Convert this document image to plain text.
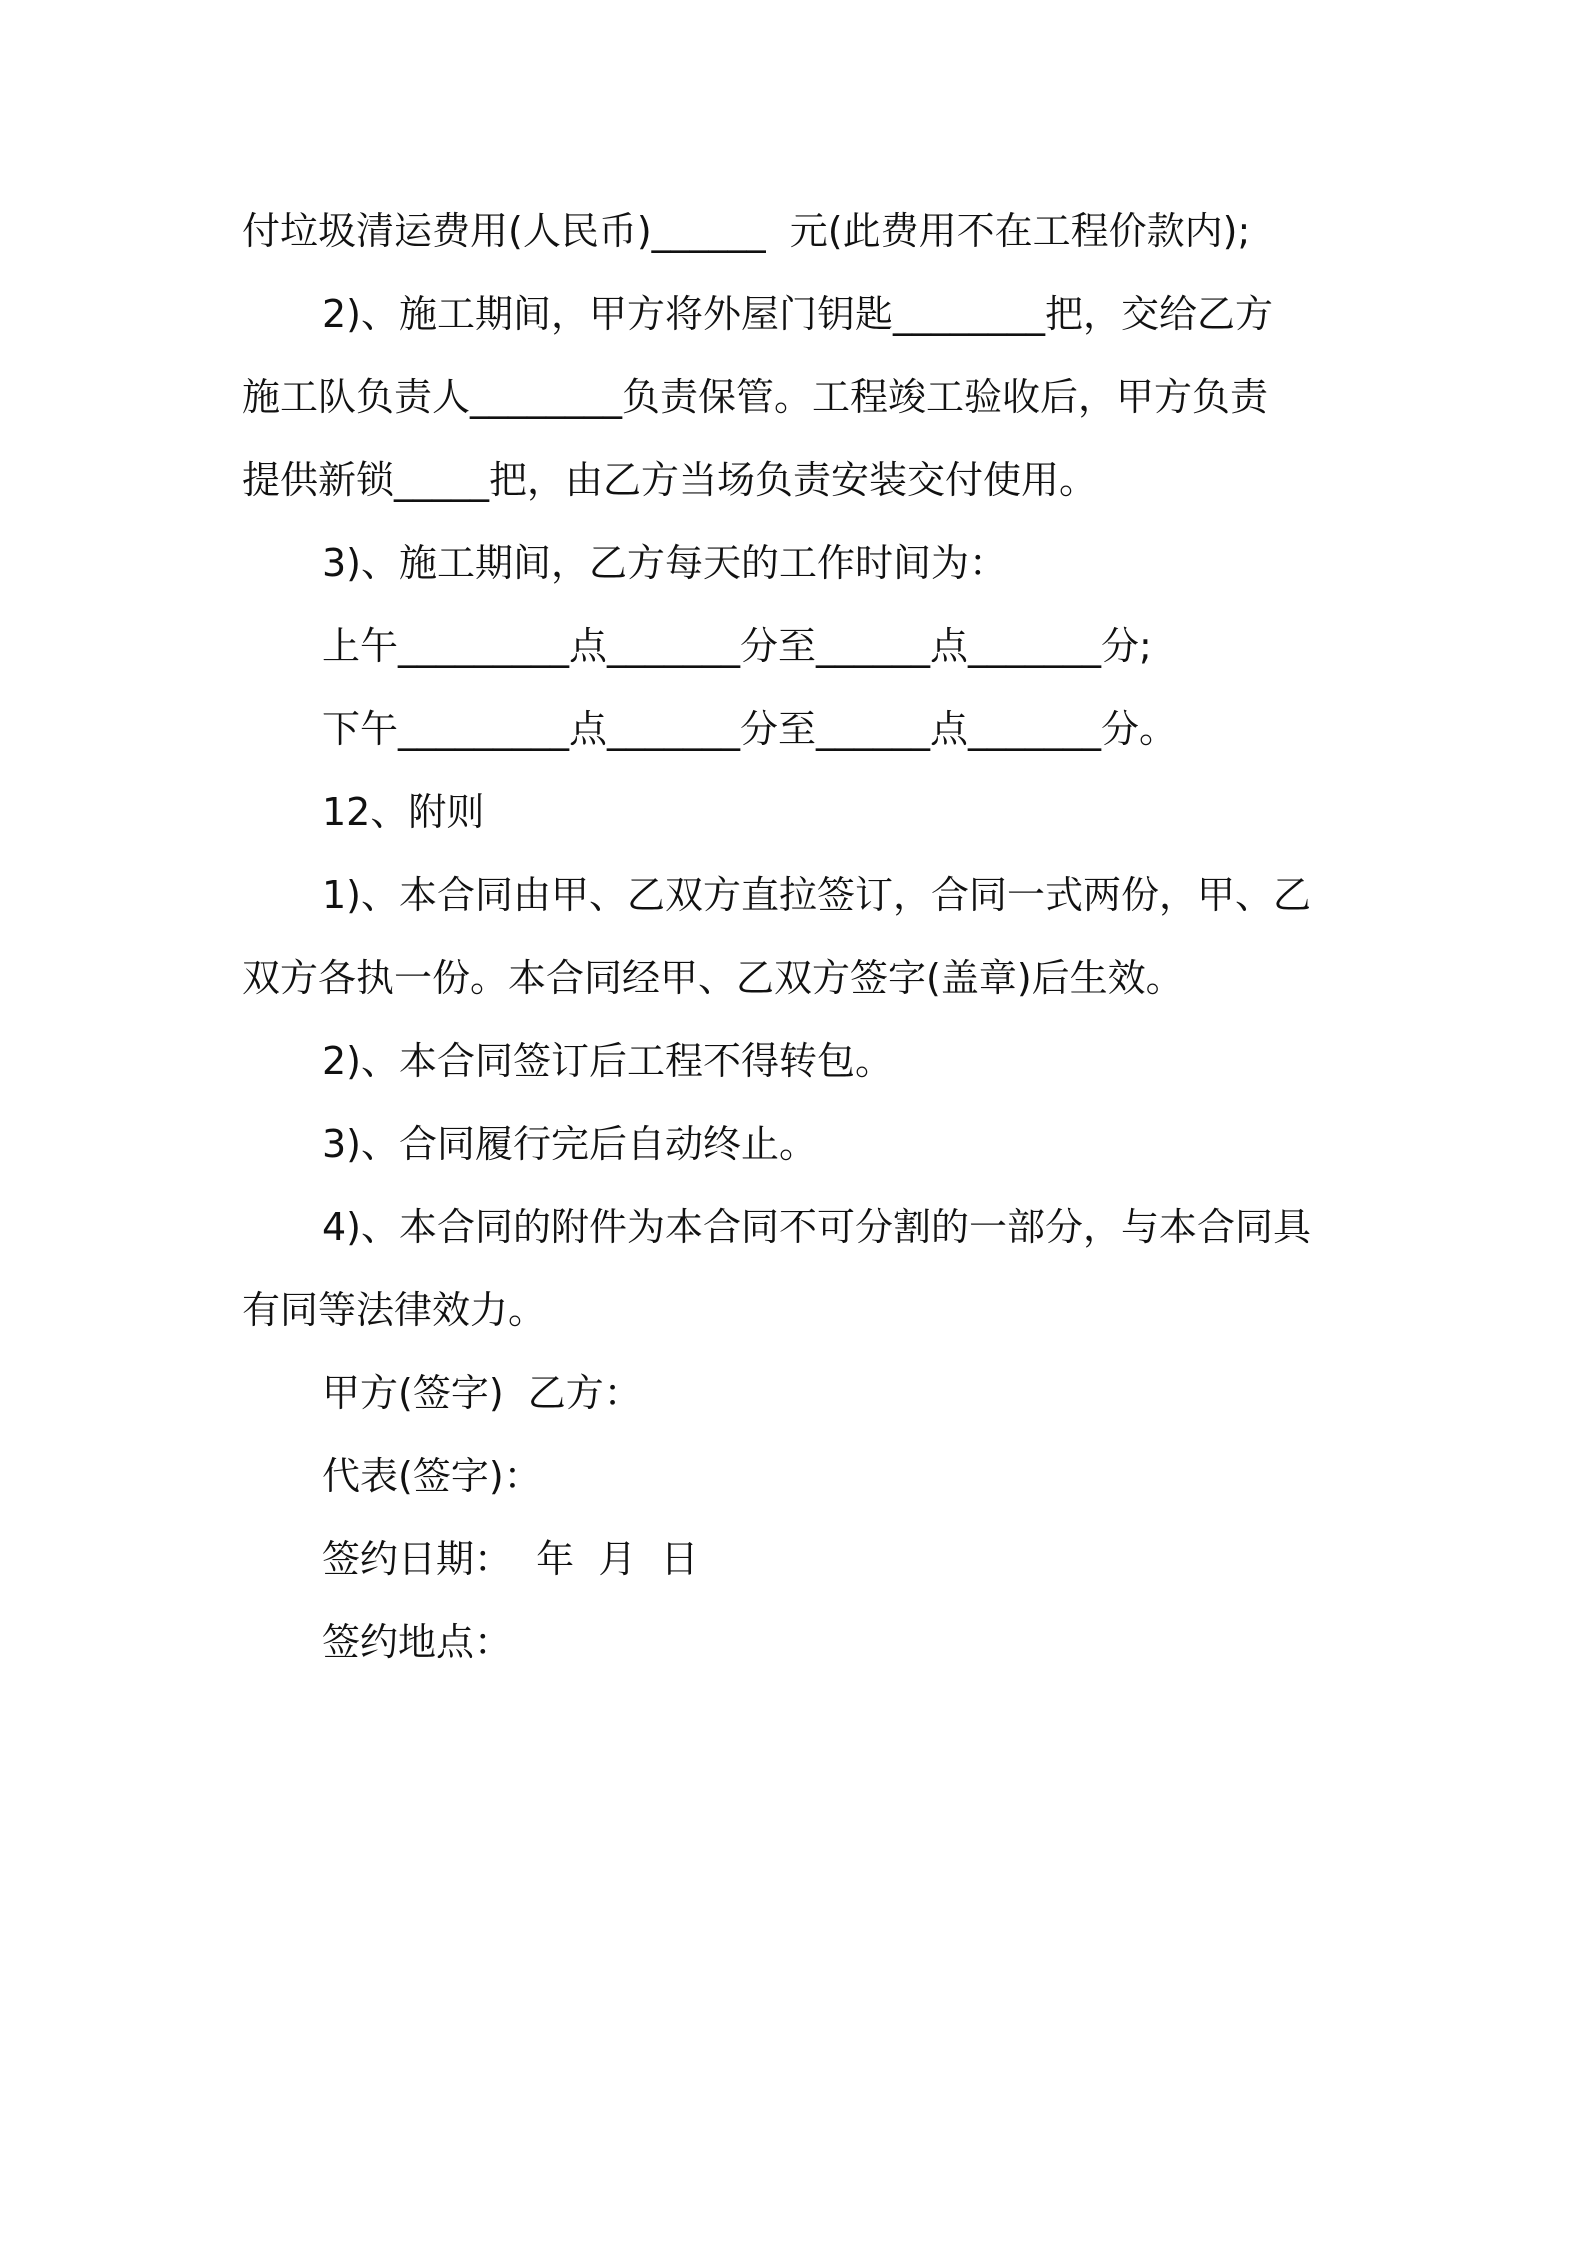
付垃圾清运费用(人民币)______  元(此费用不在工程价款内);
2)、施工期间，甲方将外屋门钥匙________把，交给乙方
施工队负责人________负责保管。工程竣工验收后，甲方负责
提供新锁_____把，由乙方当场负责安装交付使用。
3)、施工期间，乙方每天的工作时间为：
上午_________点_______分至______点_______分;
下午_________点_______分至______点_______分。
12、附则
1)、本合同由甲、乙双方直拉签订，合同一式两份，甲、乙
双方各执一份。本合同经甲、乙双方签字(盖章)后生效。
2)、本合同签订后工程不得转包。
3)、合同履行完后自动终止。
4)、本合同的附件为本合同不可分割的一部分，与本合同具
有同等法律效力。
甲方(签字)  乙方：
代表(签字)：
签约日期：  年  月  日
签约地点：
